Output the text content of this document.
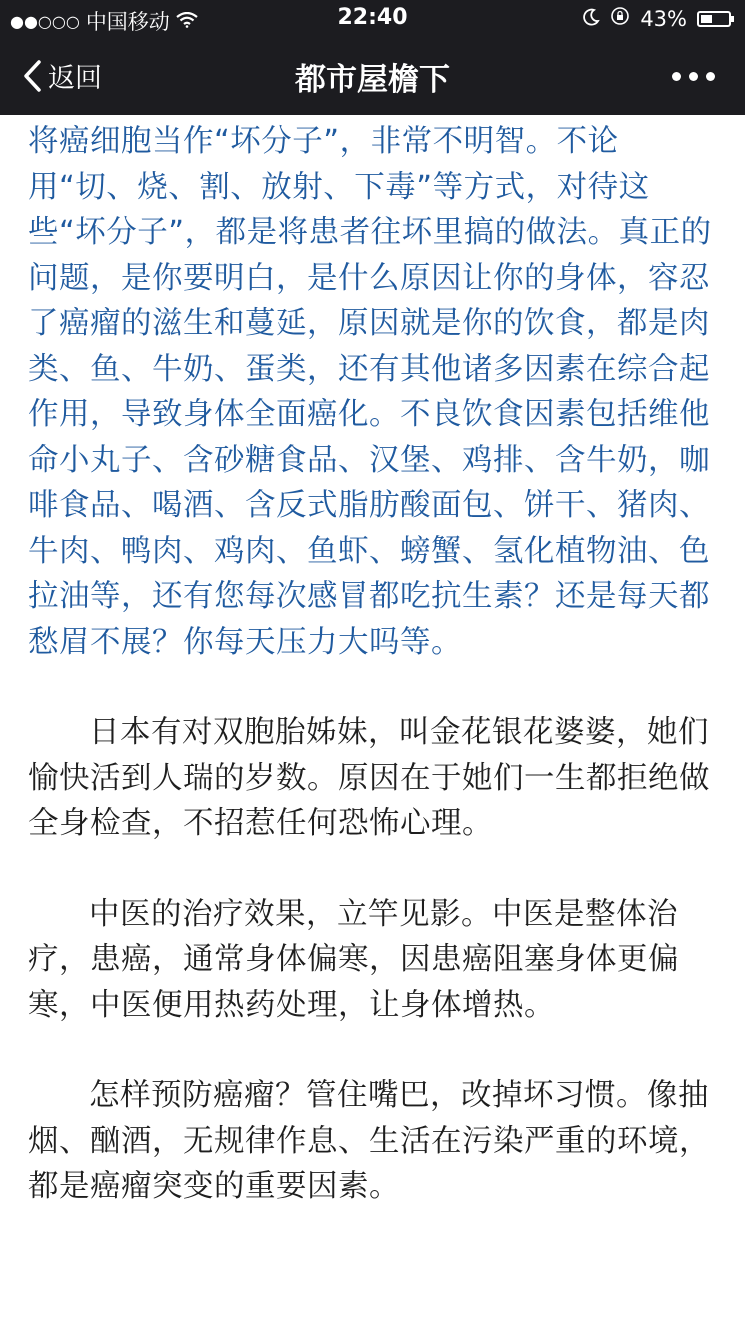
●●○○○ 中国移动	22:40	43%
返回	都市屋檐下

将癌细胞当作“坏分子”，非常不明智。不论用“切、烧、割、放射、下毒”等方式，对待这些“坏分子”，都是将患者往坏里搞的做法。真正的问题，是你要明白，是什么原因让你的身体，容忍了癌瘤的滋生和蔓延，原因就是你的饮食，都是肉类、鱼、牛奶、蛋类，还有其他诸多因素在综合起作用，导致身体全面癌化。不良饮食因素包括维他命小丸子、含砂糖食品、汉堡、鸡排、含牛奶，咖啡食品、喝酒、含反式脂肪酸面包、饼干、猪肉、牛肉、鸭肉、鸡肉、鱼虾、螃蟹、氢化植物油、色拉油等，还有您每次感冒都吃抗生素？还是每天都愁眉不展？你每天压力大吗等。

日本有对双胞胎姊妹，叫金花银花婆婆，她们愉快活到人瑞的岁数。原因在于她们一生都拒绝做全身检查，不招惹任何恐怖心理。

中医的治疗效果，立竿见影。中医是整体治疗，患癌，通常身体偏寒，因患癌阻塞身体更偏寒，中医便用热药处理，让身体增热。

怎样预防癌瘤？管住嘴巴，改掉坏习惯。像抽烟、酗酒，无规律作息、生活在污染严重的环境，都是癌瘤突变的重要因素。
